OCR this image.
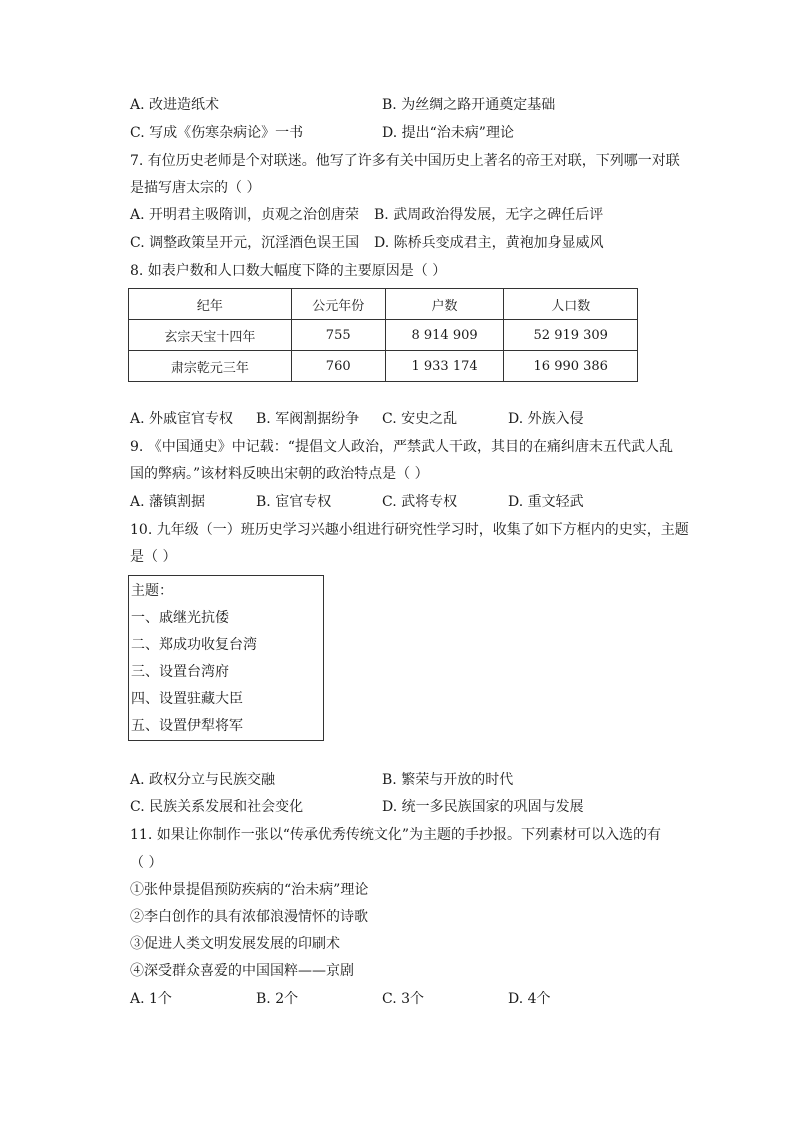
A. 改进造纸术	B. 为丝绸之路开通奠定基础
C. 写成《伤寒杂病论》一书	D. 提出“治未病”理论
7. 有位历史老师是个对联迷。他写了许多有关中国历史上著名的帝王对联，下列哪一对联
是描写唐太宗的（ ）
A. 开明君主吸隋训，贞观之治创唐荣 B. 武周政治得发展，无字之碑任后评
C. 调整政策呈开元，沉淫酒色误王国 D. 陈桥兵变成君主，黄袍加身显威风
8. 如表户数和人口数大幅度下降的主要原因是（ ）
纪年	公元年份	户数	人口数
玄宗天宝十四年	755	8 914 909	52 919 309
肃宗乾元三年	760	1 933 174	16 990 386
A. 外戚宦官专权 B. 军阀割据纷争 C. 安史之乱	D. 外族入侵
9. 《中国通史》中记载：“提倡文人政治，严禁武人干政，其目的在痛纠唐末五代武人乱
国的弊病。”该材料反映出宋朝的政治特点是（ ）
A. 藩镇割据	B. 宦官专权	C. 武将专权	D. 重文轻武
10. 九年级（一）班历史学习兴趣小组进行研究性学习时，收集了如下方框内的史实，主题
是（ ）
主题：
一、戚继光抗倭
二、郑成功收复台湾
三、设置台湾府
四、设置驻藏大臣
五、设置伊犁将军
A. 政权分立与民族交融	B. 繁荣与开放的时代
C. 民族关系发展和社会变化	D. 统一多民族国家的巩固与发展
11. 如果让你制作一张以“传承优秀传统文化”为主题的手抄报。下列素材可以入选的有
（ ）
①张仲景提倡预防疾病的“治未病”理论
②李白创作的具有浓郁浪漫情怀的诗歌
③促进人类文明发展发展的印刷术
④深受群众喜爱的中国国粹——京剧
A. 1个	B. 2个	C. 3个	D. 4个
